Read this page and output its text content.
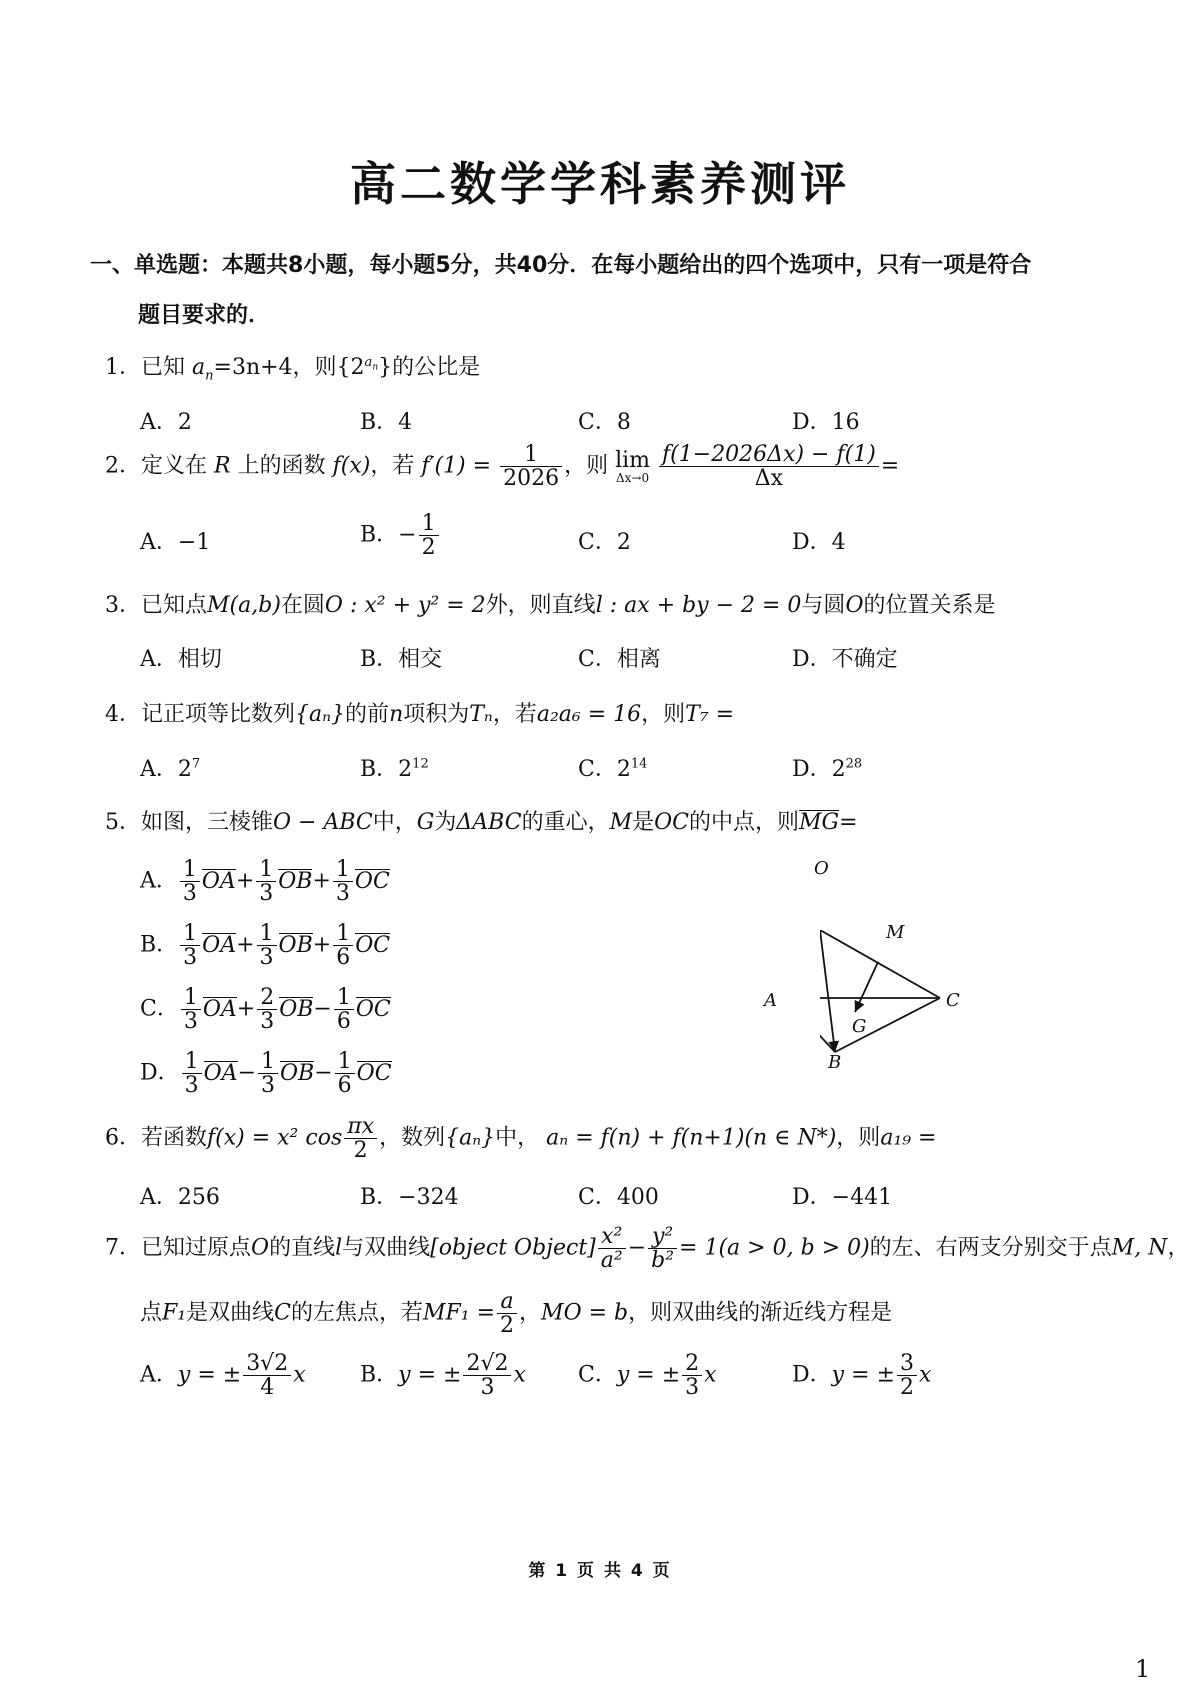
高二数学学科素养测评
一、单选题：本题共8小题，每小题5分，共40分．在每小题给出的四个选项中，只有一项是符合
题目要求的．
1．已知 $a_n=3n+4$，则$\{2^{a_n}\}$的公比是
A．2	B．4	C．8	D．16
2．定义在 R 上的函数 f(x)，若 $f'(1) = \frac{1}{2026}$ ，则 lim
Δx→0
$\frac{f(1-2026\Delta x) - f(1)}{\Delta x}$ =
A．−1	B．− $\frac{1}{2}$	C．2	D．4
3．已知点M(a,b)在圆O : x² + y² = 2外，则直线l : ax + by − 2 = 0与圆O的位置关系是
A．相切	B．相交	C．相离	D．不确定
4．记正项等比数列{aₙ}的前n项积为Tₙ，若a₂a₆ = 16，则T₇ =
A．$2^7$	B．$2^{12}$	C．$2^{14}$	D．$2^{28}$
5．如图，三棱锥O − ABC中，G为ΔABC的重心，M是OC的中点，则MG=
A． $\frac{1}{3} OA+ \frac{1}{3} OB+ \frac{1}{3}$ OC
B． $\frac{1}{3} OA+ \frac{1}{3} OB+ \frac{1}{6}$ OC
C． $\frac{1}{3} OA+ \frac{2}{3} OB- \frac{1}{6}$ OC
D． $\frac{1}{3} OA- \frac{1}{3} OB- \frac{1}{6}$ OC
O
M
A	C
G
B
6．若函数f(x) = x² $\cos \frac{\pi x}{2}$ ，数列{aₙ}中， aₙ = f(n) + f(n+1)(n ∈ N*)，则a₁₉ =
A．256	B．−324	C．400	D．−441
7．已知过原点O的直线l与双曲线[object Object] $\frac{\text{x²}}{\text{a²}} - \frac{\text{y²}}{\text{b²}} = 1(a > 0$, b > 0)的左、右两支分别交于点M, N，
点F₁是双曲线C的左焦点，若$MF_1 = \frac{a}{2}$ ，MO = b，则双曲线的渐近线方程是
A．y = ± $\frac{3√2}{4}$ x B．y = ± $\frac{2√2}{3}$ x C．y = ± $\frac{2}{3}$ x	D．y = ± $\frac{3}{2}$ x
第 1 页 共 4 页
1
